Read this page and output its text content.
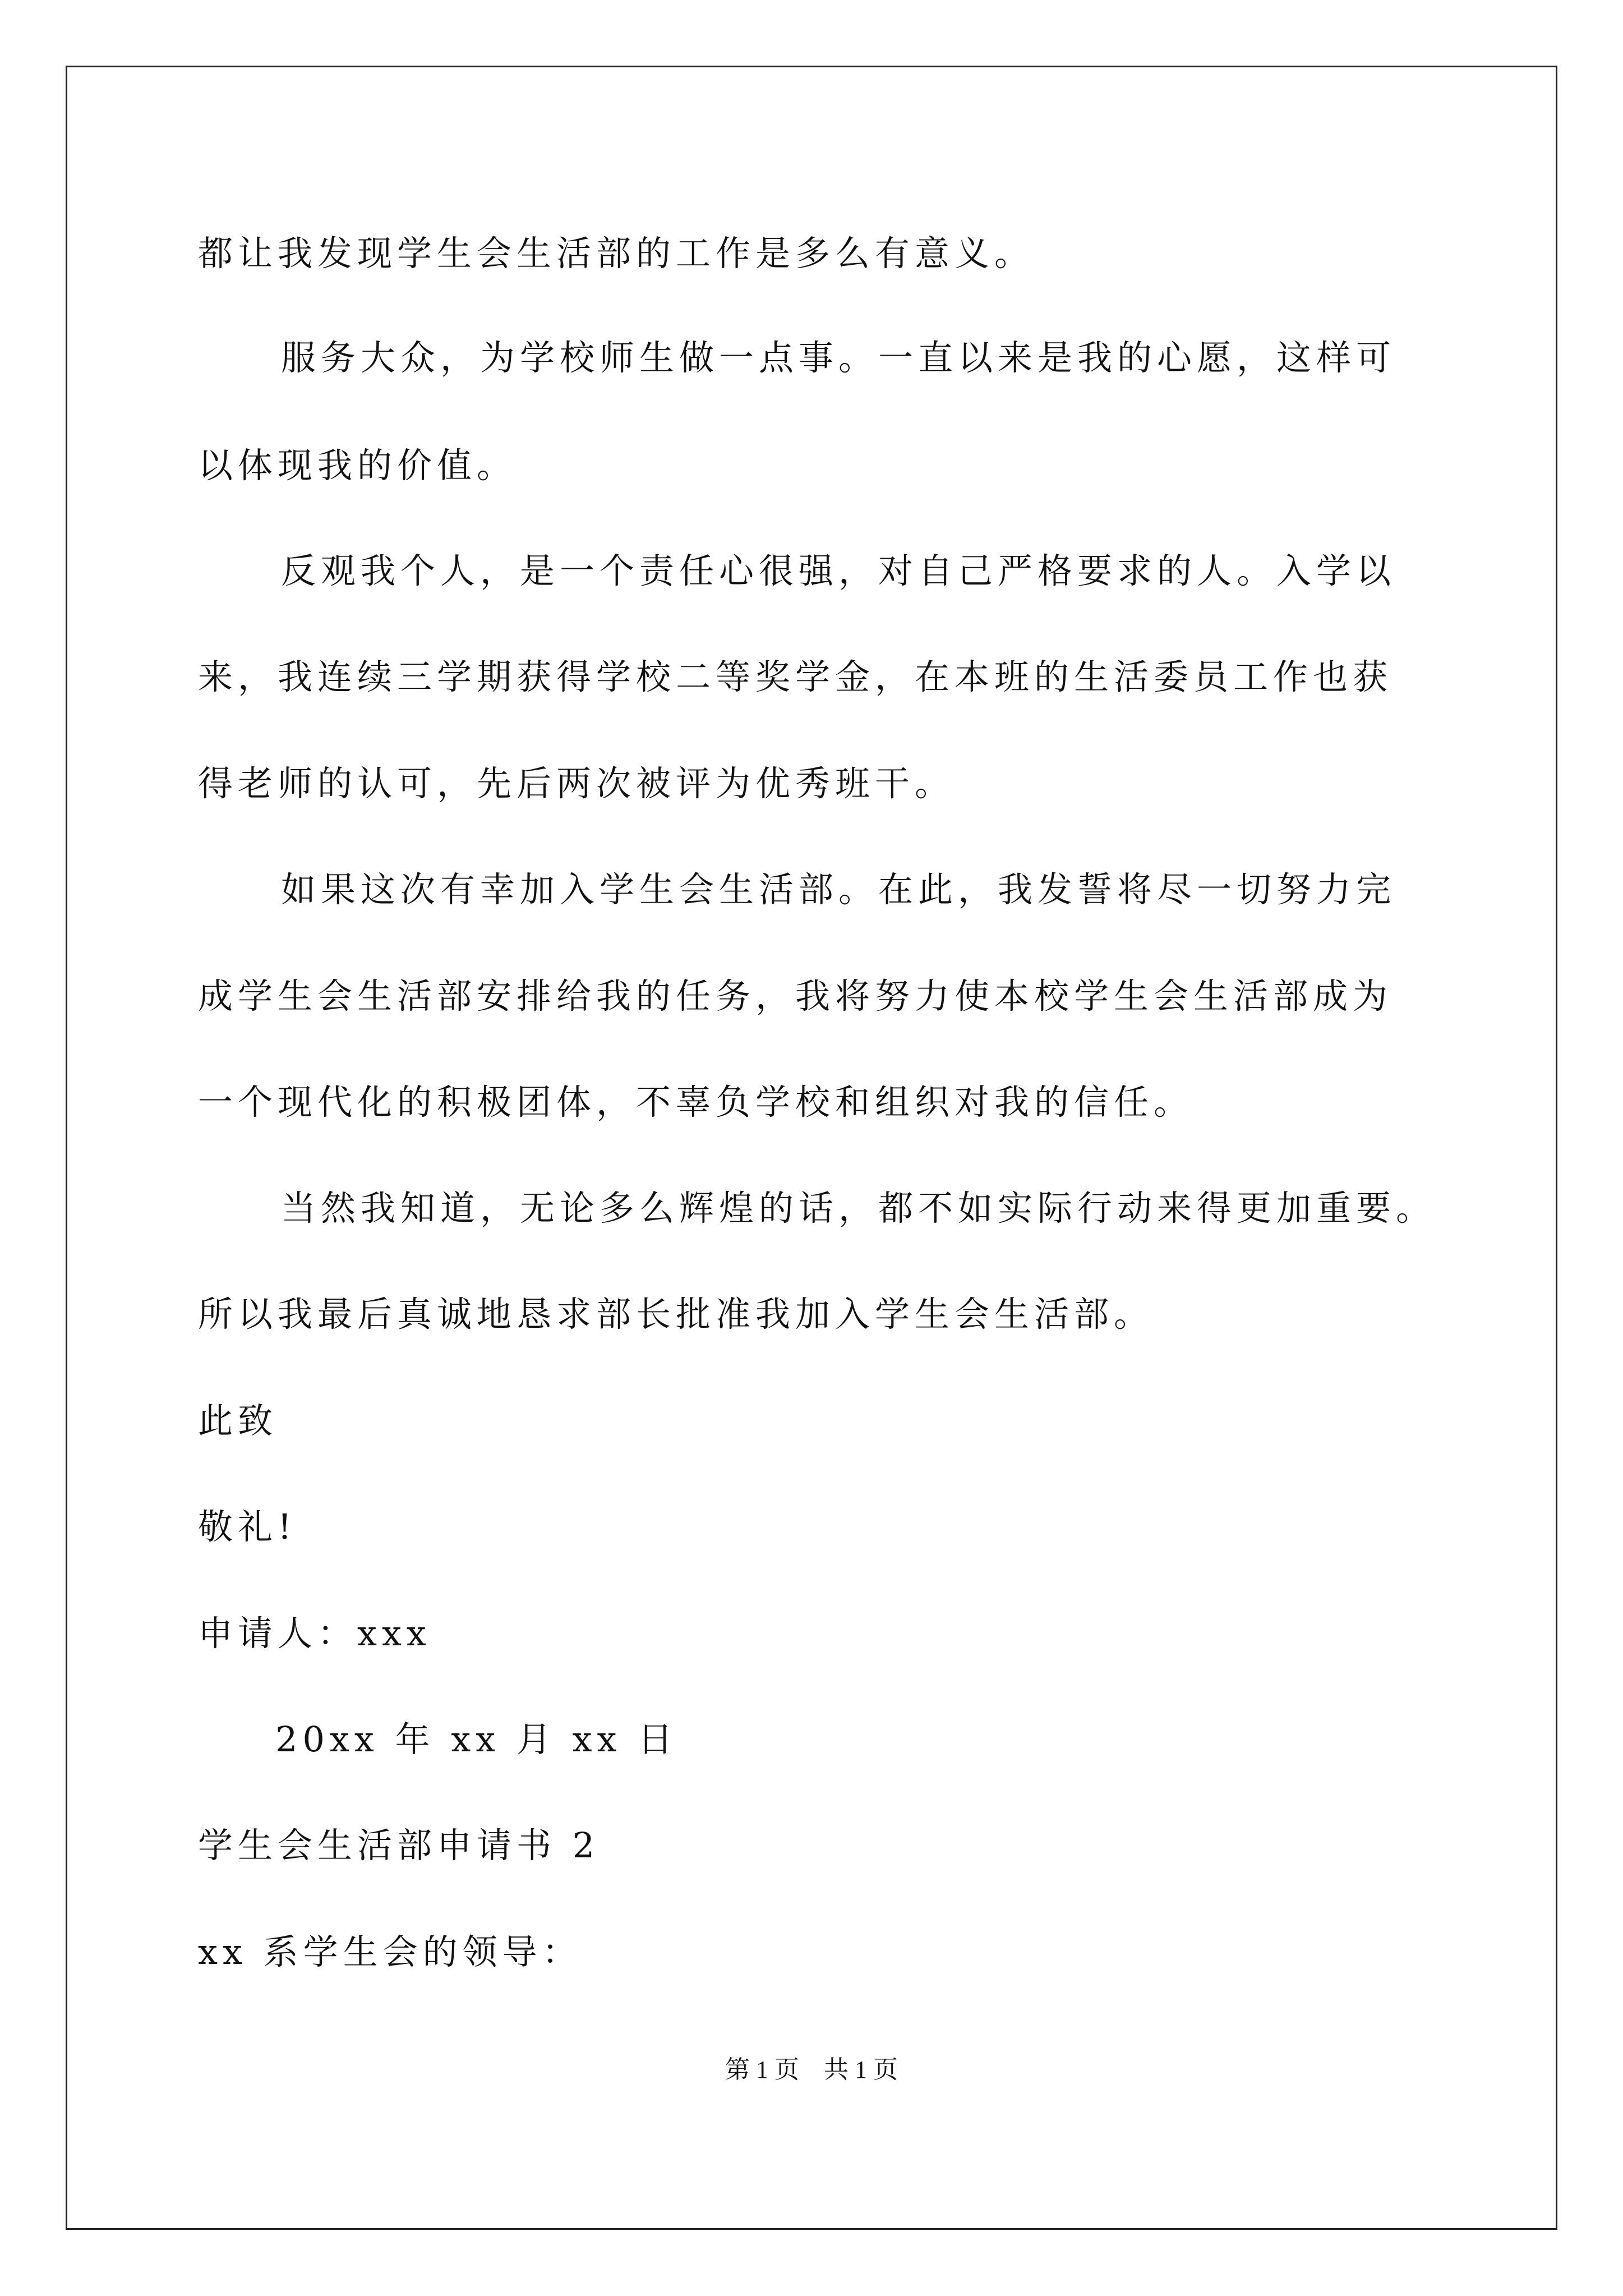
都让我发现学生会生活部的工作是多么有意义。
服务大众，为学校师生做一点事。一直以来是我的心愿，这样可
以体现我的价值。
反观我个人，是一个责任心很强，对自己严格要求的人。入学以
来，我连续三学期获得学校二等奖学金，在本班的生活委员工作也获
得老师的认可，先后两次被评为优秀班干。
如果这次有幸加入学生会生活部。在此，我发誓将尽一切努力完
成学生会生活部安排给我的任务，我将努力使本校学生会生活部成为
一个现代化的积极团体，不辜负学校和组织对我的信任。
当然我知道，无论多么辉煌的话，都不如实际行动来得更加重要。
所以我最后真诚地恳求部长批准我加入学生会生活部。
此致
敬礼!
申请人：xxx
20xx 年 xx 月 xx 日
学生会生活部申请书 2
xx 系学生会的领导：
第 1 页　共 1 页
